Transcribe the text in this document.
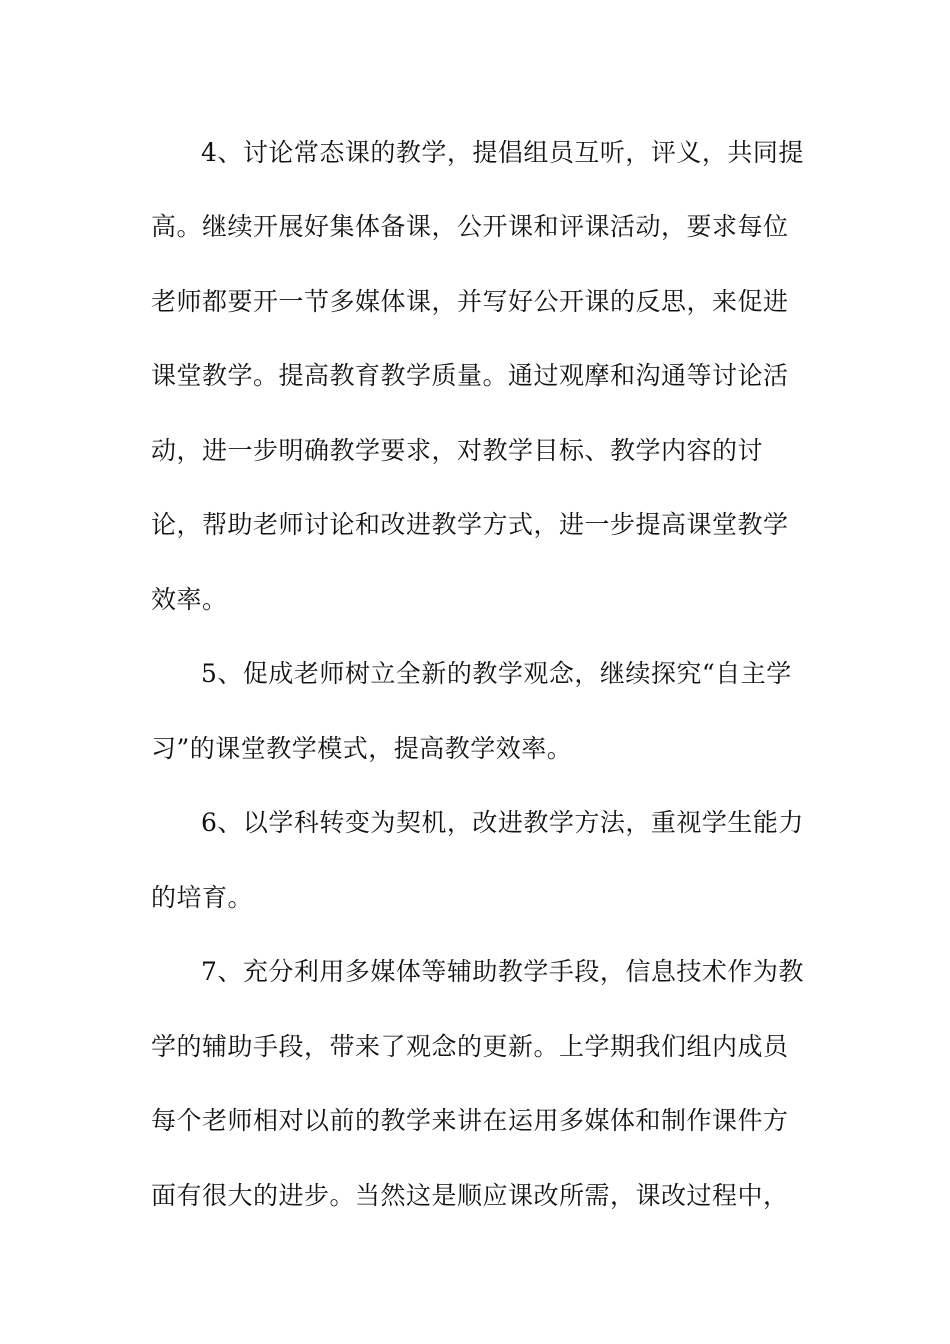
4、讨论常态课的教学，提倡组员互听，评义，共同提

高。继续开展好集体备课，公开课和评课活动，要求每位

老师都要开一节多媒体课，并写好公开课的反思，来促进

课堂教学。提高教育教学质量。通过观摩和沟通等讨论活

动，进一步明确教学要求，对教学目标、教学内容的讨

论，帮助老师讨论和改进教学方式，进一步提高课堂教学

效率。

5、促成老师树立全新的教学观念，继续探究“自主学

习”的课堂教学模式，提高教学效率。

6、以学科转变为契机，改进教学方法，重视学生能力

的培育。

7、充分利用多媒体等辅助教学手段，信息技术作为教

学的辅助手段，带来了观念的更新。上学期我们组内成员

每个老师相对以前的教学来讲在运用多媒体和制作课件方

面有很大的进步。当然这是顺应课改所需，课改过程中，
